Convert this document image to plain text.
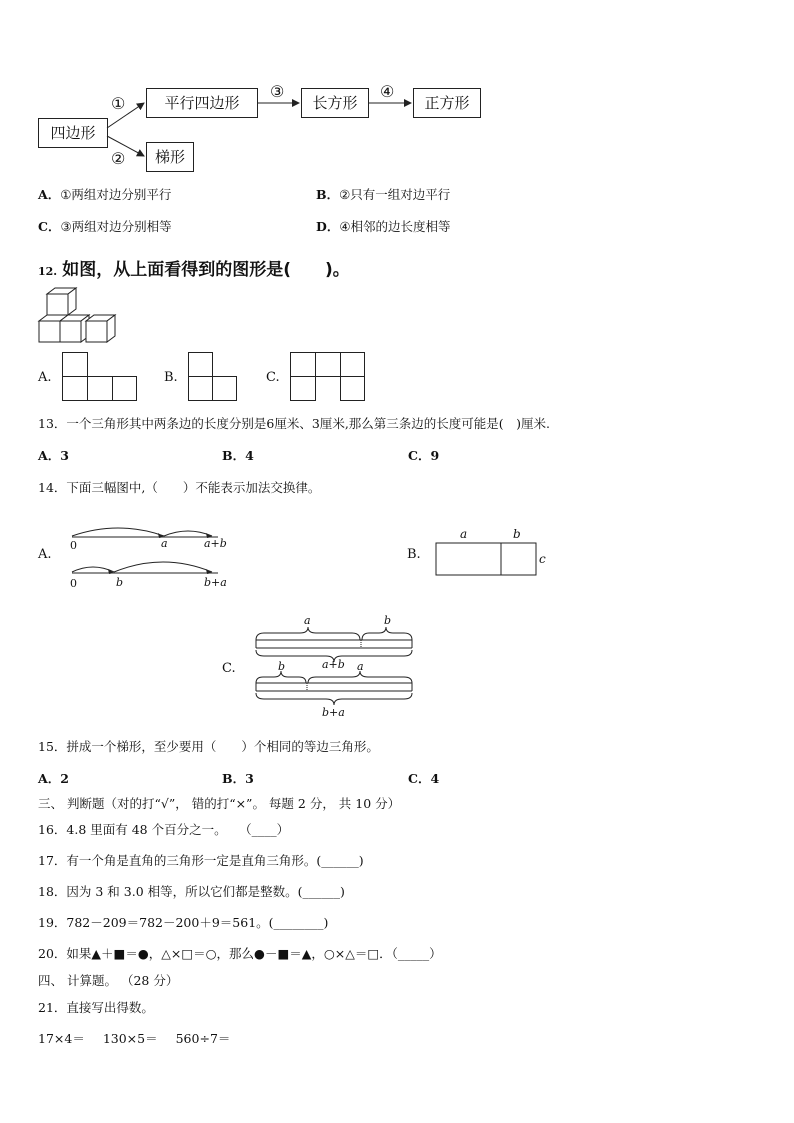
四边形
平行四边形	长方形	正方形
梯形
①
②
③	④
A．①两组对边分别平行	B．②只有一组对边平行
C．③两组对边分别相等	D．④相邻的边长度相等
12. 如图，从上面看得到的图形是(　　)。
A.	B.	C.
13．一个三角形其中两条边的长度分别是6厘米、3厘米,那么第三条边的长度可能是(　)厘米.
A．3	B．4	C．9
14．下面三幅图中,（　　）不能表示加法交换律。
A.
0	a	a+b
0	b	b+a
B.
a	b
c
C.
a	b
a+b
b	a
b+a
15．拼成一个梯形，至少要用（　　）个相同的等边三角形。
A．2	B．3	C．4
三、 判断题（对的打“√”， 错的打“×”。 每题 2 分， 共 10 分）
16．4.8 里面有 48 个百分之一。　　（____）
17．有一个角是直角的三角形一定是直角三角形。(______)
18．因为 3 和 3.0 相等，所以它们都是整数。(______)
19．782－209＝782－200＋9＝561。(________)
20．如果▲＋■＝●，△×□＝○，那么●－■＝▲，○×△＝□．（_____）
四、 计算题。 （28 分）
21．直接写出得数。
17×4＝ 130×5＝ 560÷7＝
